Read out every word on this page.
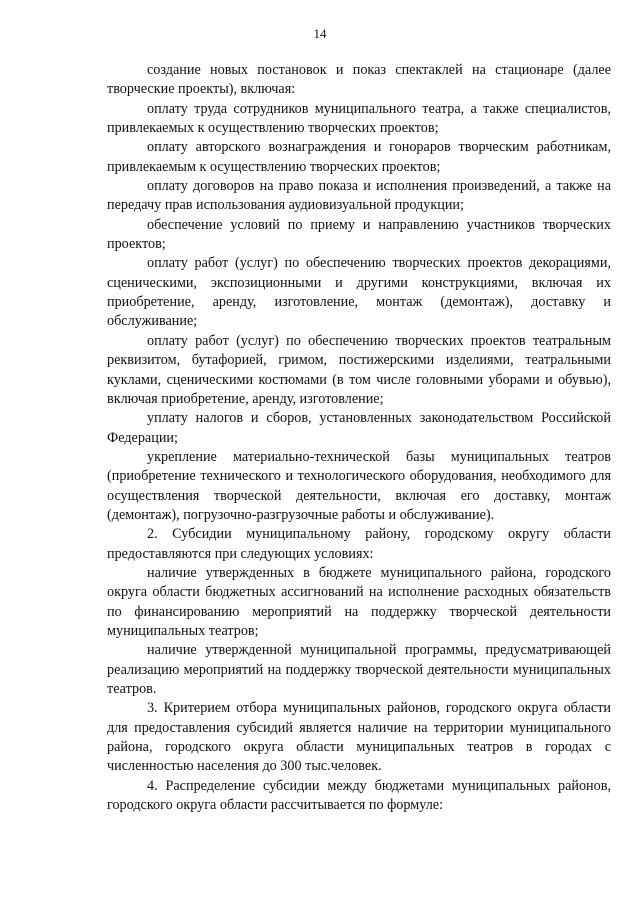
14

создание новых постановок и показ спектаклей на стационаре (далее творческие проекты), включая:

оплату труда сотрудников муниципального театра, а также специалистов, привлекаемых к осуществлению творческих проектов;

оплату авторского вознаграждения и гонораров творческим работникам, привлекаемым к осуществлению творческих проектов;

оплату договоров на право показа и исполнения произведений, а также на передачу прав использования аудиовизуальной продукции;

обеспечение условий по приему и направлению участников творческих проектов;

оплату работ (услуг) по обеспечению творческих проектов декорациями, сценическими, экспозиционными и другими конструкциями, включая их приобретение, аренду, изготовление, монтаж (демонтаж), доставку и обслуживание;

оплату работ (услуг) по обеспечению творческих проектов театральным реквизитом, бутафорией, гримом, постижерскими изделиями, театральными куклами, сценическими костюмами (в том числе головными уборами и обувью), включая приобретение, аренду, изготовление;

уплату налогов и сборов, установленных законодательством Российской Федерации;

укрепление материально-технической базы муниципальных театров (приобретение технического и технологического оборудования, необходимого для осуществления творческой деятельности, включая его доставку, монтаж (демонтаж), погрузочно-разгрузочные работы и обслуживание).

2. Субсидии муниципальному району, городскому округу области предоставляются при следующих условиях:

наличие утвержденных в бюджете муниципального района, городского округа области бюджетных ассигнований на исполнение расходных обязательств по финансированию мероприятий на поддержку творческой деятельности муниципальных театров;

наличие утвержденной муниципальной программы, предусматривающей реализацию мероприятий на поддержку творческой деятельности муниципальных театров.

3. Критерием отбора муниципальных районов, городского округа области для предоставления субсидий является наличие на территории муниципального района, городского округа области муниципальных театров в городах с численностью населения до 300 тыс.человек.

4. Распределение субсидии между бюджетами муниципальных районов, городского округа области рассчитывается по формуле:
